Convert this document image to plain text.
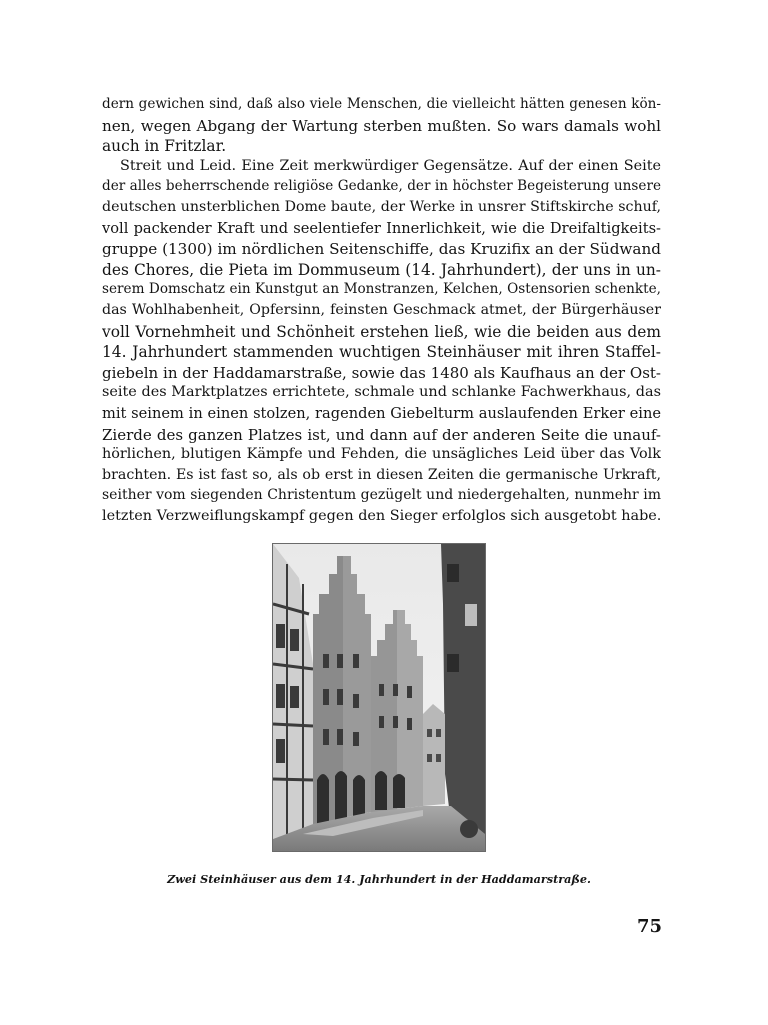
dern gewichen sind, daß also viele Menschen, die vielleicht hätten genesen kön-
nen, wegen Abgang der Wartung sterben mußten. So wars damals wohl
auch in Fritzlar.
Streit und Leid. Eine Zeit merkwürdiger Gegensätze. Auf der einen Seite
der alles beherrschende religiöse Gedanke, der in höchster Begeisterung unsere
deutschen unsterblichen Dome baute, der Werke in unsrer Stiftskirche schuf,
voll packender Kraft und seelentiefer Innerlichkeit, wie die Dreifaltigkeits-
gruppe (1300) im nördlichen Seitenschiffe, das Kruzifix an der Südwand
des Chores, die Pieta im Dommuseum (14. Jahrhundert), der uns in un-
serem Domschatz ein Kunstgut an Monstranzen, Kelchen, Ostensorien schenkte,
das Wohlhabenheit, Opfersinn, feinsten Geschmack atmet, der Bürgerhäuser
voll Vornehmheit und Schönheit erstehen ließ, wie die beiden aus dem
14. Jahrhundert stammenden wuchtigen Steinhäuser mit ihren Staffel-
giebeln in der Haddamarstraße, sowie das 1480 als Kaufhaus an der Ost-
seite des Marktplatzes errichtete, schmale und schlanke Fachwerkhaus, das
mit seinem in einen stolzen, ragenden Giebelturm auslaufenden Erker eine
Zierde des ganzen Platzes ist, und dann auf der anderen Seite die unauf-
hörlichen, blutigen Kämpfe und Fehden, die unsägliches Leid über das Volk
brachten. Es ist fast so, als ob erst in diesen Zeiten die germanische Urkraft,
seither vom siegenden Christentum gezügelt und niedergehalten, nunmehr im
letzten Verzweiflungskampf gegen den Sieger erfolglos sich ausgetobt habe.
Zwei Steinhäuser aus dem 14. Jahrhundert in der Haddamarstraße.
75
